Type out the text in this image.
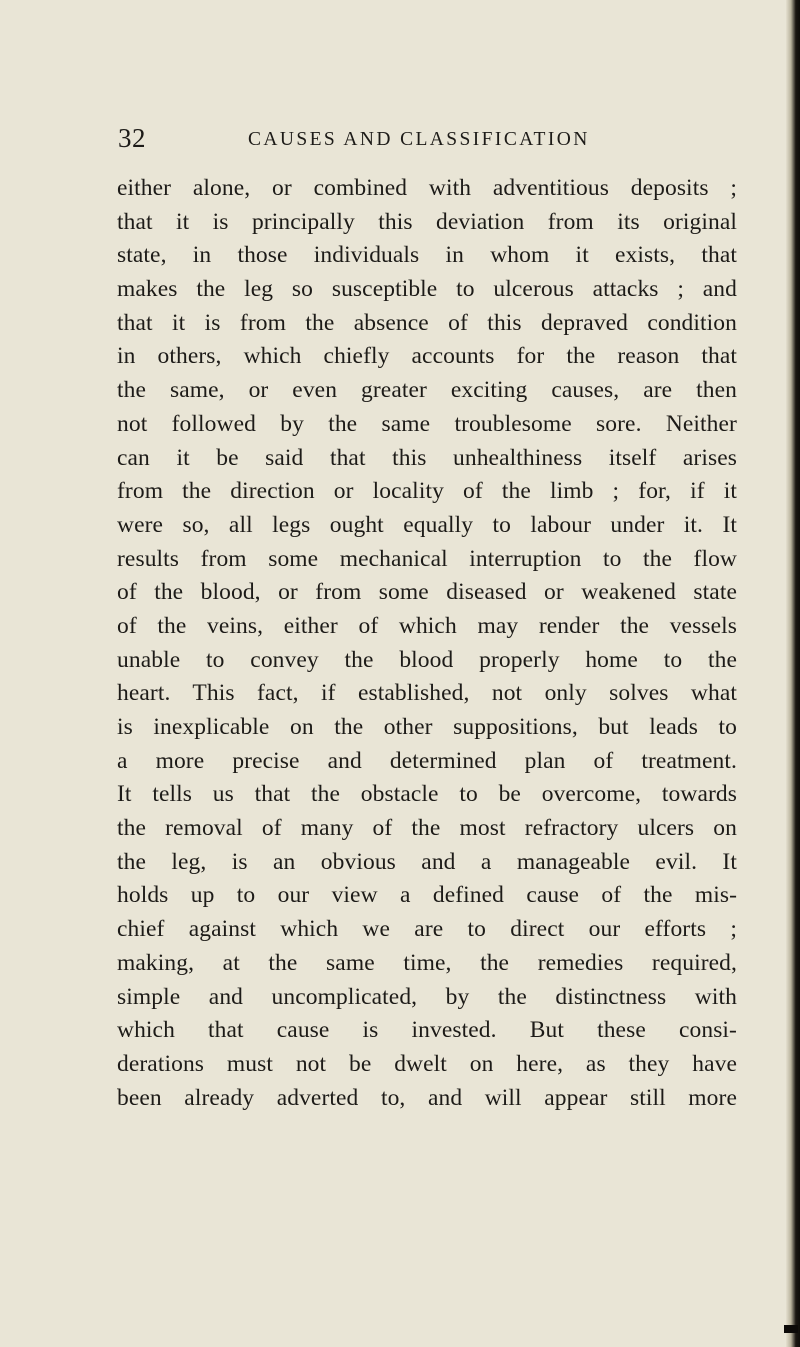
32	CAUSES AND CLASSIFICATION
either alone, or combined with adventitious deposits ;
that it is principally this deviation from its original
state, in those individuals in whom it exists, that
makes the leg so susceptible to ulcerous attacks ; and
that it is from the absence of this depraved condition
in others, which chiefly accounts for the reason that
the same, or even greater exciting causes, are then
not followed by the same troublesome sore. Neither
can it be said that this unhealthiness itself arises
from the direction or locality of the limb ; for, if it
were so, all legs ought equally to labour under it. It
results from some mechanical interruption to the flow
of the blood, or from some diseased or weakened state
of the veins, either of which may render the vessels
unable to convey the blood properly home to the
heart. This fact, if established, not only solves what
is inexplicable on the other suppositions, but leads to
a more precise and determined plan of treatment.
It tells us that the obstacle to be overcome, towards
the removal of many of the most refractory ulcers on
the leg, is an obvious and a manageable evil. It
holds up to our view a defined cause of the mis-
chief against which we are to direct our efforts ;
making, at the same time, the remedies required,
simple and uncomplicated, by the distinctness with
which that cause is invested. But these consi-
derations must not be dwelt on here, as they have
been already adverted to, and will appear still more
